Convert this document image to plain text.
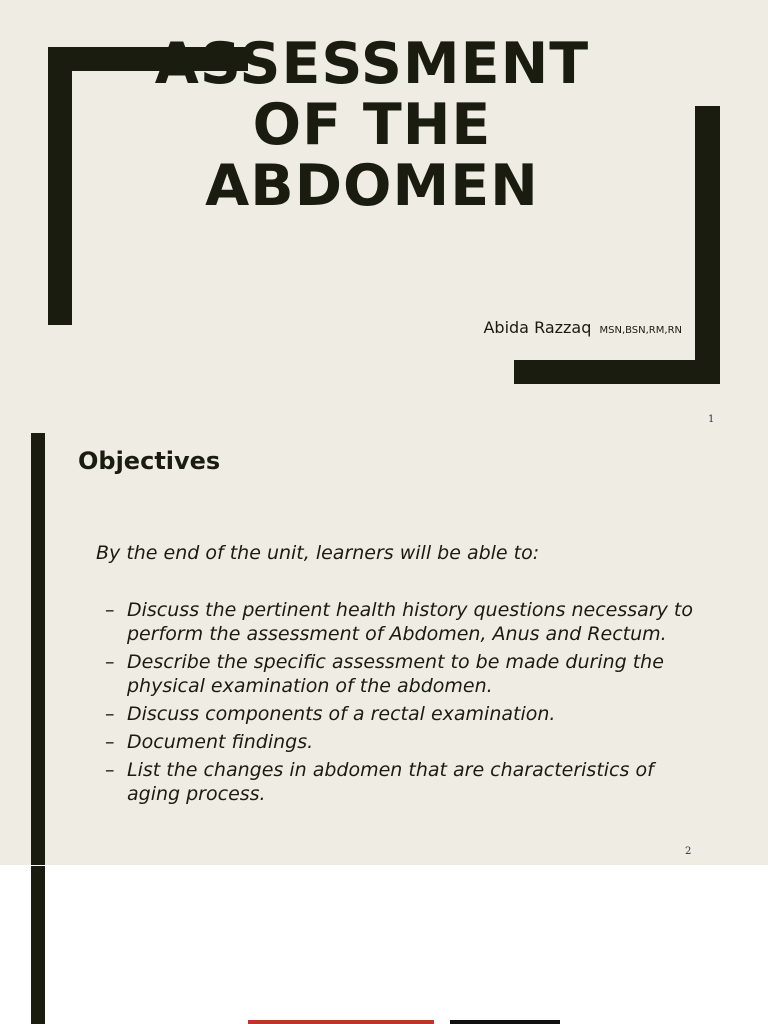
ASSESSMENT
OF THE
ABDOMEN
Abida Razzaq MSN,BSN,RM,RN
1
Objectives

By the end of the unit, learners will be able to:

– Discuss the pertinent health history questions necessary to perform the assessment of Abdomen, Anus and Rectum.
– Describe the specific assessment to be made during the physical examination of the abdomen.
– Discuss components of a rectal examination.
– Document findings.
– List the changes in abdomen that are characteristics of aging process.
2
